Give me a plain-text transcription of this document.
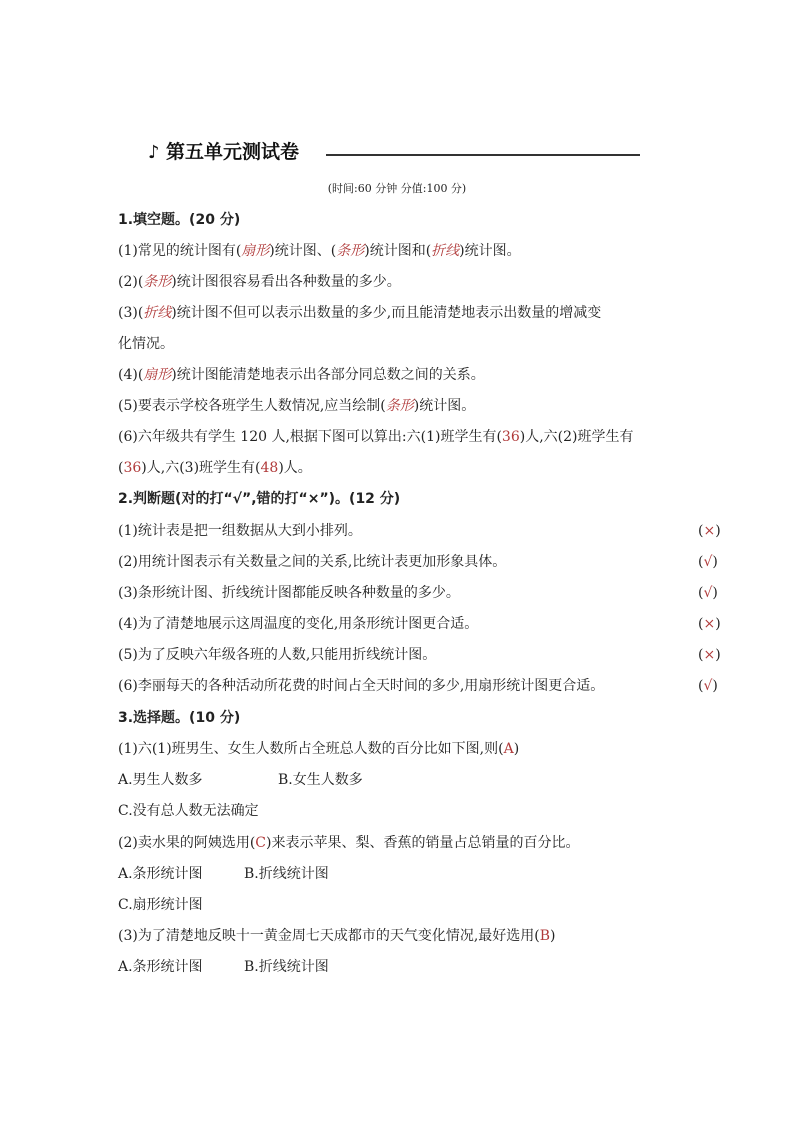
♪ 第五单元测试卷
(时间:60 分钟 分值:100 分)
1.填空题。(20 分)
(1)常见的统计图有(扇形)统计图、(条形)统计图和(折线)统计图。
(2)(条形)统计图很容易看出各种数量的多少。
(3)(折线)统计图不但可以表示出数量的多少,而且能清楚地表示出数量的增减变
化情况。
(4)(扇形)统计图能清楚地表示出各部分同总数之间的关系。
(5)要表示学校各班学生人数情况,应当绘制(条形)统计图。
(6)六年级共有学生 120 人,根据下图可以算出:六(1)班学生有(36)人,六(2)班学生有
(36)人,六(3)班学生有(48)人。
2.判断题(对的打“√”,错的打“×”)。(12 分)
(1)统计表是把一组数据从大到小排列。	(×)
(2)用统计图表示有关数量之间的关系,比统计表更加形象具体。	(√)
(3)条形统计图、折线统计图都能反映各种数量的多少。	(√)
(4)为了清楚地展示这周温度的变化,用条形统计图更合适。	(×)
(5)为了反映六年级各班的人数,只能用折线统计图。	(×)
(6)李丽每天的各种活动所花费的时间占全天时间的多少,用扇形统计图更合适。	(√)
3.选择题。(10 分)
(1)六(1)班男生、女生人数所占全班总人数的百分比如下图,则(A)
A.男生人数多	B.女生人数多
C.没有总人数无法确定
(2)卖水果的阿姨选用(C)来表示苹果、梨、香蕉的销量占总销量的百分比。
A.条形统计图	B.折线统计图
C.扇形统计图
(3)为了清楚地反映十一黄金周七天成都市的天气变化情况,最好选用(B)
A.条形统计图	B.折线统计图
